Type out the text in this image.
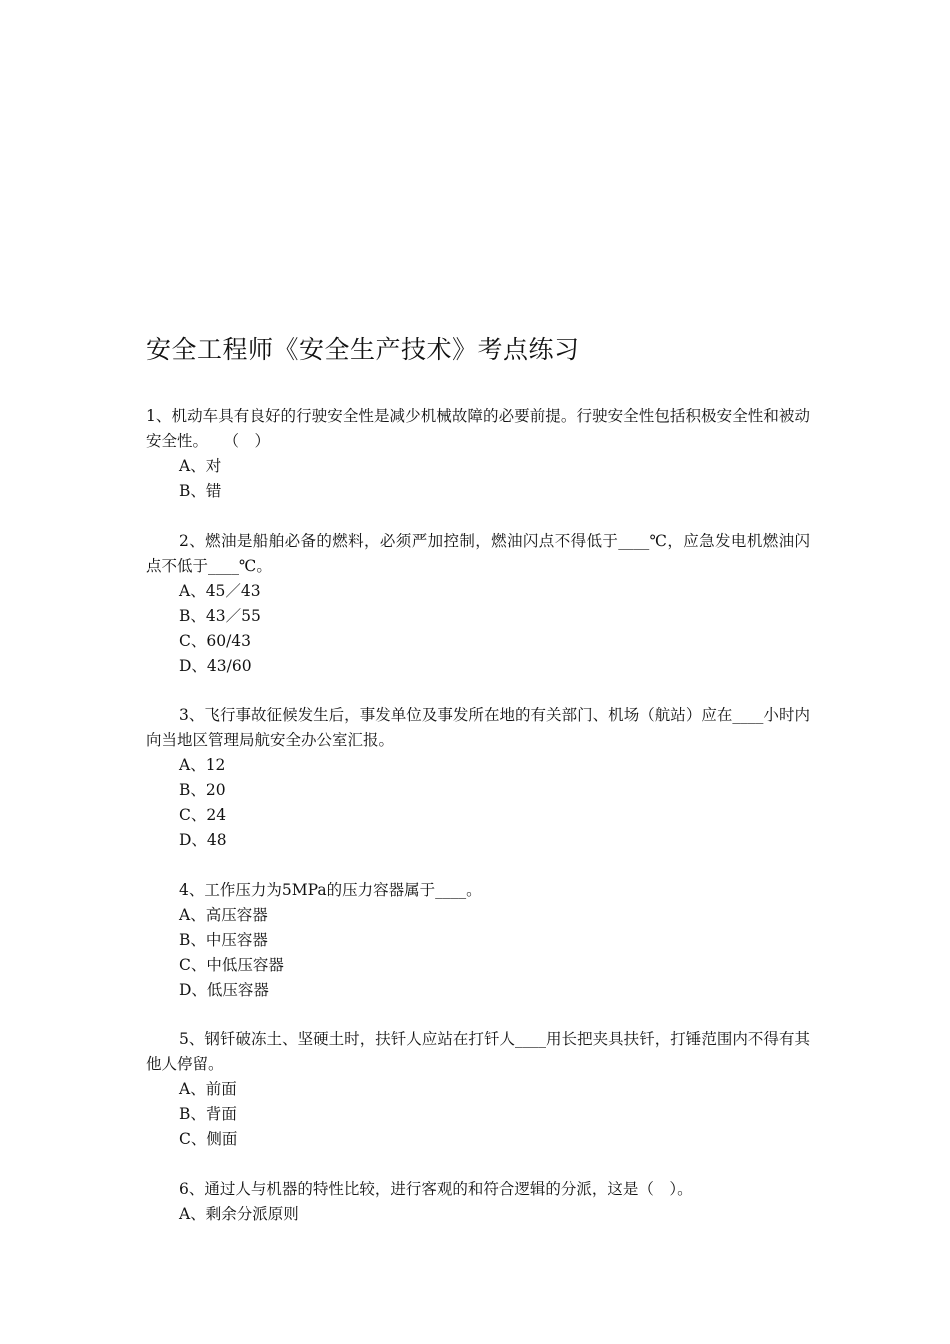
安全工程师《安全生产技术》考点练习

1、机动车具有良好的行驶安全性是减少机械故障的必要前提。行驶安全性包括积极安全性和被动安全性。　　（　）

A、对
B、错

2、燃油是船舶必备的燃料，必须严加控制，燃油闪点不得低于____℃，应急发电机燃油闪点不低于____℃。

A、45／43
B、43／55
C、60/43
D、43/60

3、飞行事故征候发生后，事发单位及事发所在地的有关部门、机场（航站）应在____小时内向当地区管理局航安全办公室汇报。

A、12
B、20
C、24
D、48

4、工作压力为5MPa的压力容器属于____。

A、高压容器
B、中压容器
C、中低压容器
D、低压容器

5、钢钎破冻土、坚硬土时，扶钎人应站在打钎人____用长把夹具扶钎，打锤范围内不得有其他人停留。

A、前面
B、背面
C、侧面

6、通过人与机器的特性比较，进行客观的和符合逻辑的分派，这是（　）。

A、剩余分派原则
